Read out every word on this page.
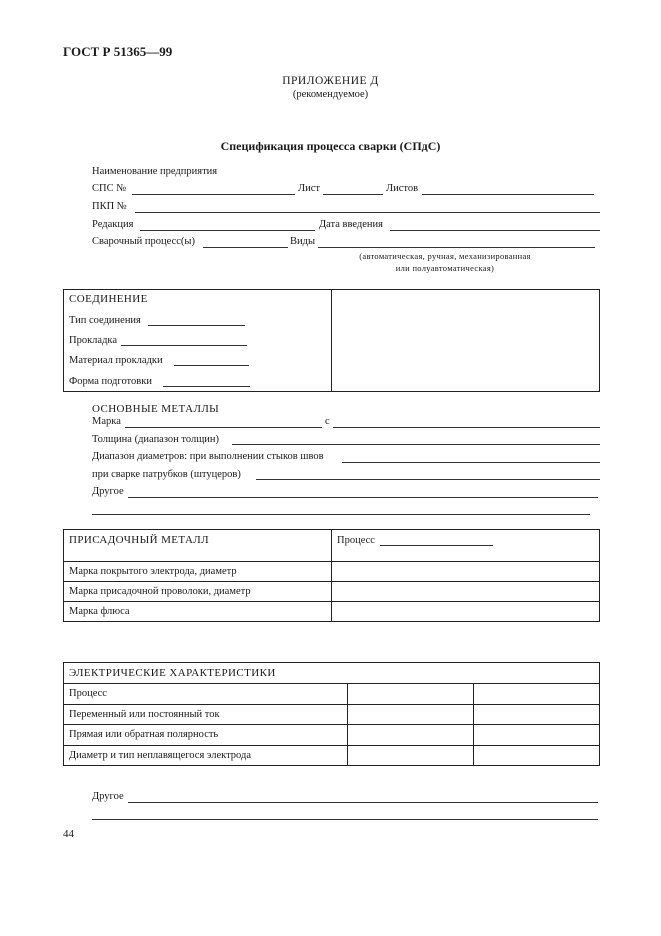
ГОСТ Р 51365—99
ПРИЛОЖЕНИЕ Д
(рекомендуемое)
Спецификация процесса сварки (СПдС)
Наименование предприятия
СПС №	Лист	Листов
ПКП №
Редакция	Дата введения
Сварочный процесс(ы)	Виды
(автоматическая, ручная, механизированная
или полуавтоматическая)
СОЕДИНЕНИЕ
Тип соединения
Прокладка
Материал прокладки
Форма подготовки
ОСНОВНЫЕ МЕТАЛЛЫ
Марка	с
Толщина (диапазон толщин)
Диапазон диаметров: при выполнении стыков швов
при сварке патрубков (штуцеров)
Другое
ПРИСАДОЧНЫЙ МЕТАЛЛ	Процесс
Марка покрытого электрода, диаметр
Марка присадочной проволоки, диаметр
Марка флюса
ЭЛЕКТРИЧЕСКИЕ ХАРАКТЕРИСТИКИ
Процесс
Переменный или постоянный ток
Прямая или обратная полярность
Диаметр и тип неплавящегося электрода
Другое
44
